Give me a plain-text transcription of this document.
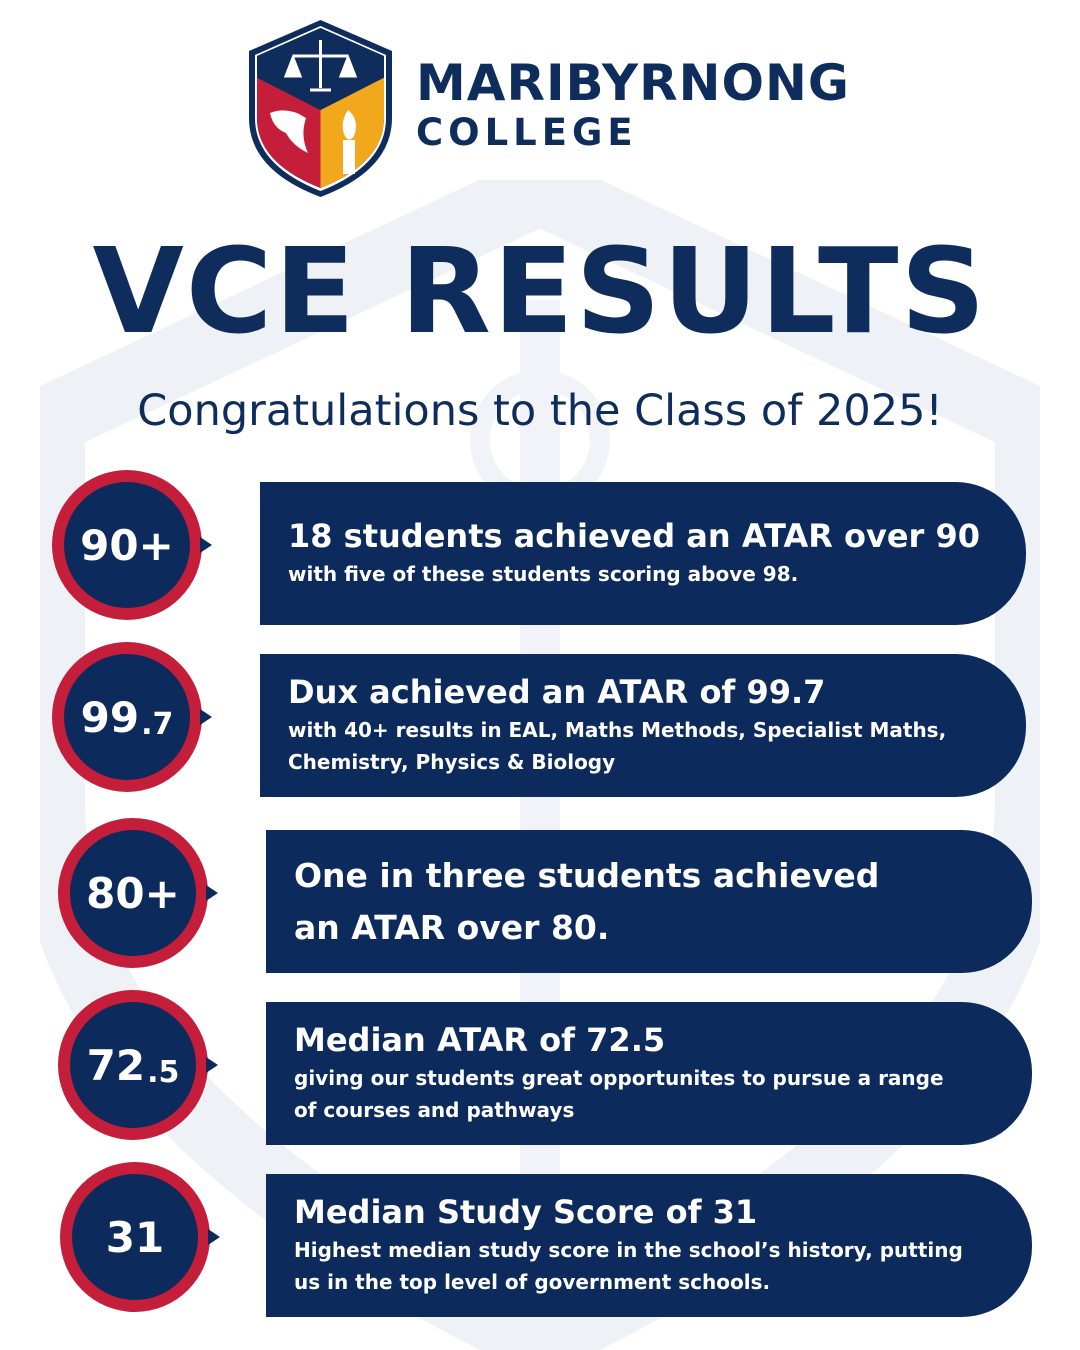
MARIBYRNONG
COLLEGE
VCE RESULTS
Congratulations to the Class of 2025!
18 students achieved an ATAR over 90
with five of these students scoring above 98.
90+
Dux achieved an ATAR of 99.7
with 40+ results in EAL, Maths Methods, Specialist Maths, Chemistry, Physics & Biology
99 .7
One in three students achieved an ATAR over 80.
80+
Median ATAR of 72.5
giving our students great opportunites to pursue a range of courses and pathways
72 .5
Median Study Score of 31
Highest median study score in the school’s history, putting us in the top level of government schools.
31
